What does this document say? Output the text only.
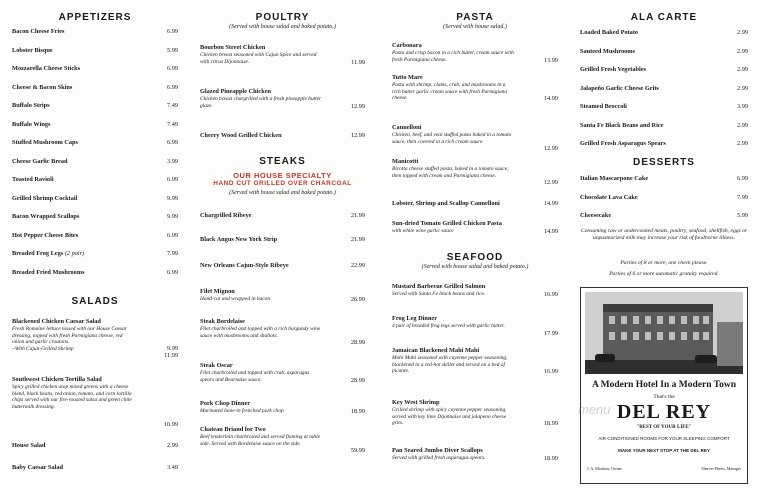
APPETIZERS
Bacon Cheese Fries	6.99
Lobster Bisque	5.99
Mozzarella Cheese Sticks	6.99
Cheese & Bacon Skins	6.99
Buffalo Strips	7.49
Buffalo Wings	7.49
Stuffed Mushroom Caps	6.99
Cheese Garlic Bread	3.99
Toasted Ravioli	6.99
Grilled Shrimp Cocktail	9.99
Bacon Wrapped Scallops	9.99
Hot Pepper Cheese Bites	6.99
Breaded Frog Legs (2 pair)	7.99
Breaded Fried Mushrooms	6.99
SALADS
Blackened Chicken Caesar Salad
Fresh Romaine lettuce tossed with our House Caesar dressing, topped with fresh Parmigiana cheese, red onion and garlic croutons.
~With Cajun-Grilled Shrimp	9.99
11.99
Southwest Chicken Tortilla Salad
Spicy grilled chicken atop mixed greens with a cheese blend, black beans, red onion, tomato, and corn tortilla chips served with our fire-roasted salsa and green chile buttermilk dressing.
10.99
House Salad	2.99
Baby Caesar Salad	3.49
POULTRY
(Served with house salad and baked potato.)
Bourbon Street Chicken
Chicken breast seasoned with Cajun Spice and served with citrus Dijonnaise.	11.99
Glazed Pineapple Chicken
Chicken breast chargrilled with a fresh pineapple butter glaze.	12.99
Cherry Wood Grilled Chicken	12.99
STEAKS
OUR HOUSE SPECIALTY
HAND CUT GRILLED OVER CHARCOAL
(Served with house salad and baked potato.)
Chargrilled Ribeye	21.99
Black Angus New York Strip	21.99
New Orleans Cajun-Style Ribeye	22.99
Filet Mignon
Hand-cut and wrapped in bacon	26.99
Steak Bordelaise
Filet charbroiled and topped with a rich burgundy wine sauce with mushrooms and shallots.
28.99
Steak Oscar
Filet charbroiled and topped with crab, asparagus spears and Bearnaise sauce.	28.99
Pork Chop Dinner
Marinated bone-in frenched pork chop	18.99
Chateau Briand for Two
Beef tenderloin charbroiled and served flaming at table side. Served with Bordelaise sauce on the side.
59.99
PASTA
(Served with house salad.)
Carbonara
Pasta and crisp bacon in a rich butter, cream sauce with fresh Parmigiana cheese.	13.99
Tutto Mare
Pasta with shrimp, clams, crab, and mushrooms in a rich butter garlic cream sauce with fresh Parmigiana cheese.	14.99
Cannelloni
Chicken, beef, and veal stuffed pasta baked in a tomato sauce, then covered in a rich cream sauce.
12.99
Manicotti
Ricotta cheese stuffed pasta, baked in a tomato sauce, then topped with cream and Parmigiana cheese.
12.99
Lobster, Shrimp and Scallop Cannelloni	14.99
Sun-dried Tomato Grilled Chicken Pasta
with white wine garlic sauce	14.99
SEAFOOD
(Served with house salad and baked potato.)
Mustard Barbecue Grilled Salmon
Served with Santa Fe black beans and rice.	16.99
Frog Leg Dinner
4 pair of breaded frog legs served with garlic butter.
17.99
Jamaican Blackened Mahi Mahi
Mahi Mahi seasoned with cayenne pepper seasoning, blackened in a red-hot skillet and served on a bed of picante.	16.99
Key West Shrimp
Grilled shrimp with spicy cayenne pepper seasoning, served with key lime Dijonnaise and jalapeno cheese grits.	18.99
Pan Seared Jumbo Diver Scallops
Served with grilled fresh asparagus spears.	18.99
ALA CARTE
Loaded Baked Potato	2.99
Sauteed Mushrooms	2.99
Grilled Fresh Vegetables	2.99
Jalapeño Garlic Cheese Grits	2.99
Steamed Broccoli	3.99
Santa Fe Black Beans and Rice	2.99
Grilled Fresh Asparagus Spears	2.99
DESSERTS
Italian Mascarpone Cake	6.99
Chocolate Lava Cake	7.99
Cheesecake	5.99
Consuming raw or undercooked meats, poultry, seafood, shellfish, eggs or unpasteurized milk may increase your risk of foodborne illness.
Parties of 8 or more, one check please.
Parties of 6 or more automatic gratuity required.
A Modern Hotel In a Modern Town
That's the
DEL REY
"BEST OF YOUR LIFE"
AIR-CONDITIONED ROOMS FOR YOUR SLEEPING COMFORT
MAKE YOUR NEXT STOP AT THE DEL REY
J. A. Moulton, Owner	Sherver Pheris, Manager
menu
